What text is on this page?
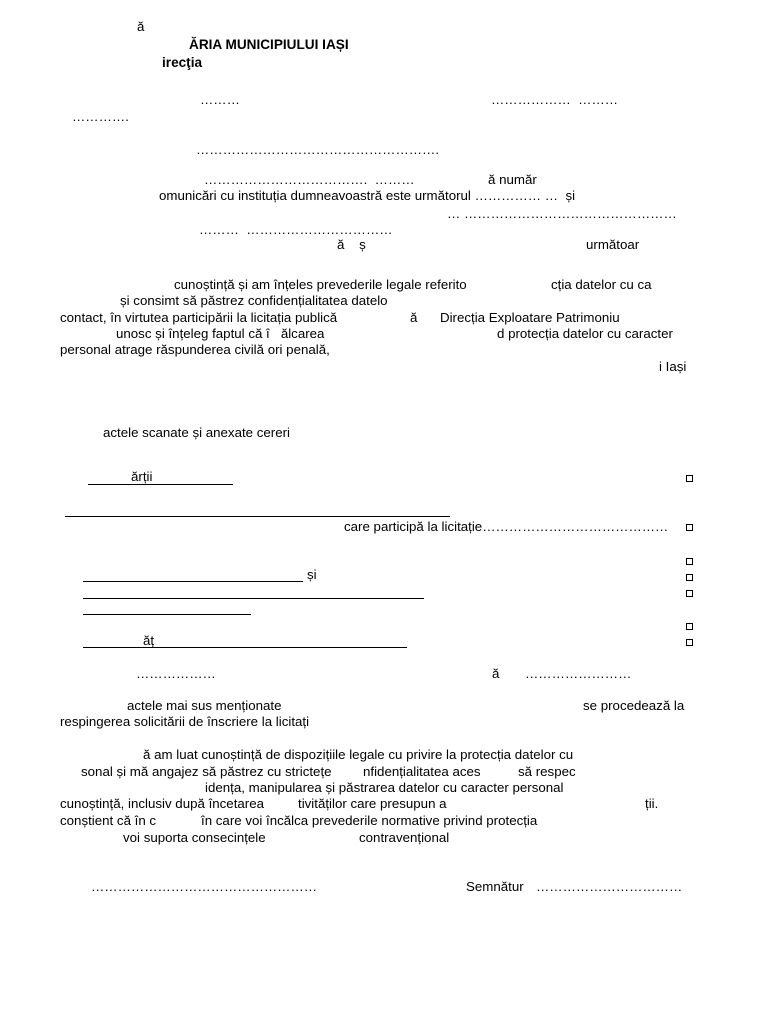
ă
ĂRIA MUNICIPIULUI IAȘI
irecţia
………	………………  ………
………….
……………………………………………….
……………………………….  ………	ă număr
omunicări cu instituția dumneavoastră este următorul …………… …  și
… …………………………………………
………  ……………………………
ă    ș	următoar
cunoștință și am înțeles prevederile legale referito	cția datelor cu ca
și consimt să păstrez confidențialitatea datelo
contact, în virtutea participării la licitația publică	ă Direcția Exploatare Patrimoniu
unosc și înțeleg faptul că î   ălcarea	d protecția datelor cu caracter
personal atrage răspunderea civilă ori penală,
i Iași
actele scanate și anexate cereri
ărții
care participă la licitație……………………………………
și
ăț
………………	ă ……………………
actele mai sus menționate	se procedează la
respingerea solicitării de înscriere la licitați
ă am luat cunoștință de dispozițiile legale cu privire la protecția datelor cu
sonal și mă angajez să păstrez cu strictețe nfidențialitatea aces	să respec
idența, manipularea și păstrarea datelor cu caracter personal
cunoștință, inclusiv după încetarea	tivităților care presupun a	ții.
conștient că în c	în care voi încălca prevederile normative privind protecția
voi suporta consecințele	contravențional
……………………………………………	Semnătur ……………………………
